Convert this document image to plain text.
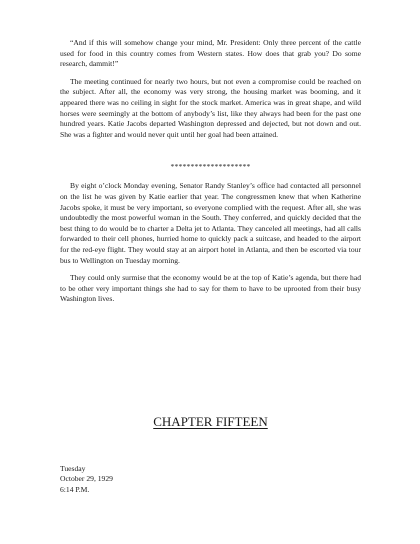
“And if this will somehow change your mind, Mr. President: Only three percent of the cattle used for food in this country comes from Western states. How does that grab you? Do some research, dammit!”

The meeting continued for nearly two hours, but not even a compromise could be reached on the subject. After all, the economy was very strong, the housing market was booming, and it appeared there was no ceiling in sight for the stock market. America was in great shape, and wild horses were seemingly at the bottom of anybody’s list, like they always had been for the past one hundred years. Katie Jacobs departed Washington depressed and dejected, but not down and out. She was a fighter and would never quit until her goal had been attained.

********************

By eight o’clock Monday evening, Senator Randy Stanley’s office had contacted all personnel on the list he was given by Katie earlier that year. The congressmen knew that when Katherine Jacobs spoke, it must be very important, so everyone complied with the request. After all, she was undoubtedly the most powerful woman in the South. They conferred, and quickly decided that the best thing to do would be to charter a Delta jet to Atlanta. They canceled all meetings, had all calls forwarded to their cell phones, hurried home to quickly pack a suitcase, and headed to the airport for the red-eye flight. They would stay at an airport hotel in Atlanta, and then be escorted via tour bus to Wellington on Tuesday morning.

They could only surmise that the economy would be at the top of Katie’s agenda, but there had to be other very important things she had to say for them to have to be uprooted from their busy Washington lives.

CHAPTER FIFTEEN
Tuesday
October 29, 1929
6:14 P.M.
